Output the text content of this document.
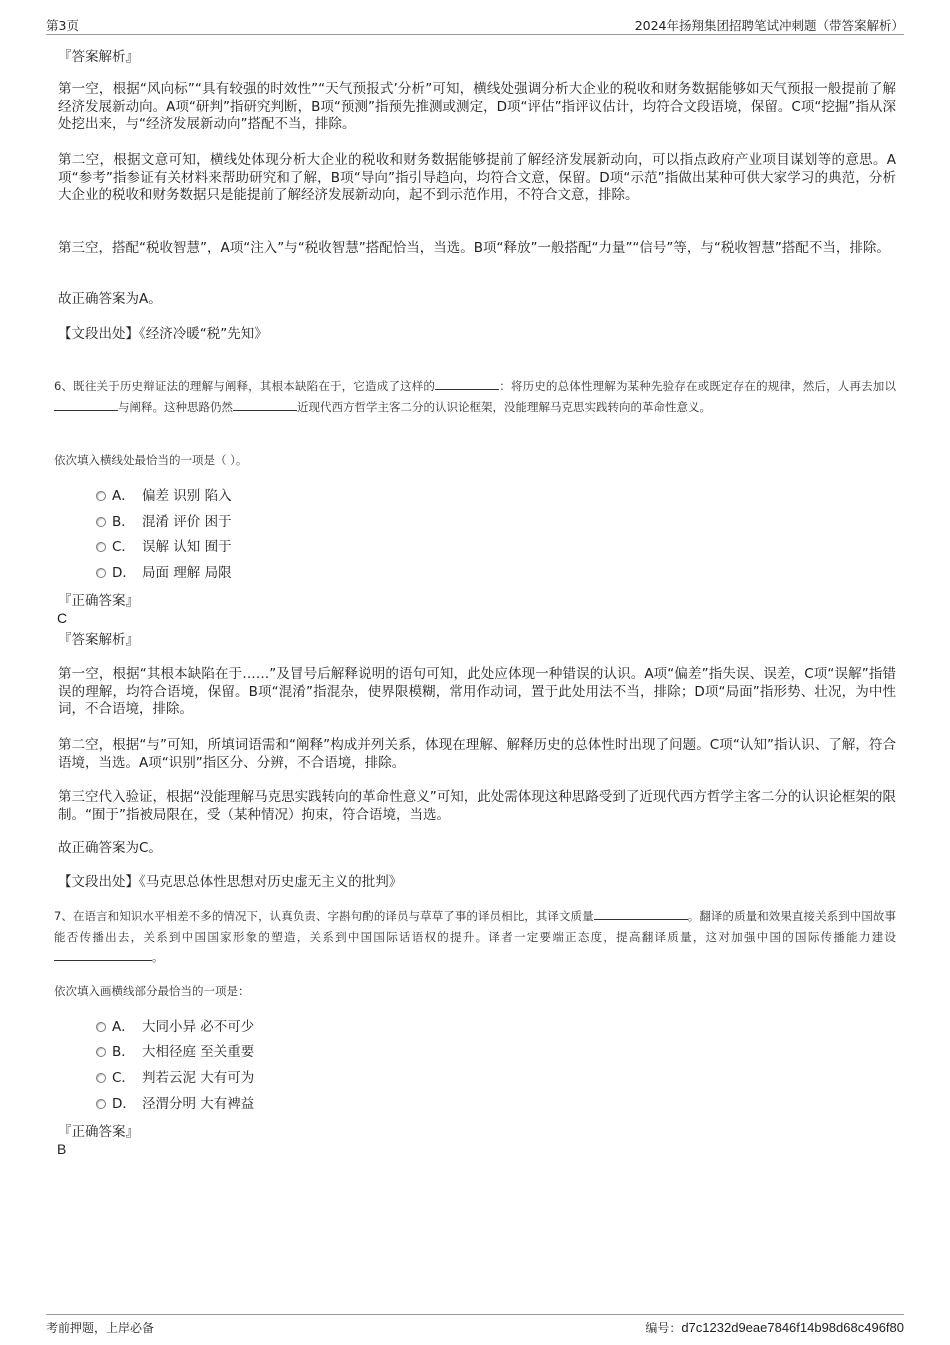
第3页	2024年扬翔集团招聘笔试冲刺题（带答案解析）

『答案解析』

第一空，根据“风向标”“具有较强的时效性”“天气预报式’分析”可知，横线处强调分析大企业的税收和财务数据能够如天气预报一般提前了解经济发展新动向。A项“研判”指研究判断，B项“预测”指预先推测或测定，D项“评估”指评议估计，均符合文段语境，保留。C项“挖掘”指从深处挖出来，与“经济发展新动向”搭配不当，排除。

第二空，根据文意可知，横线处体现分析大企业的税收和财务数据能够提前了解经济发展新动向，可以指点政府产业项目谋划等的意思。A项“参考”指参证有关材料来帮助研究和了解，B项“导向”指引导趋向，均符合文意，保留。D项“示范”指做出某种可供大家学习的典范，分析大企业的税收和财务数据只是能提前了解经济发展新动向，起不到示范作用，不符合文意，排除。

第三空，搭配“税收智慧”，A项“注入”与“税收智慧”搭配恰当，当选。B项“释放”一般搭配“力量”“信号”等，与“税收智慧”搭配不当，排除。

故正确答案为A。

【文段出处】《经济冷暖“税”先知》

6、既往关于历史辩证法的理解与阐释，其根本缺陷在于，它造成了这样的	：将历史的总体性理解为某种先验存在或既定存在的规律，然后，人再去加以与阐释。这种思路仍然	近现代西方哲学主客二分的认识论框架，没能理解马克思实践转向的革命性意义。

依次填入横线处最恰当的一项是（ ）。

A． 偏差 识别 陷入
B． 混淆 评价 困于
C． 误解 认知 囿于
D． 局面 理解 局限

『正确答案』

C

『答案解析』

第一空，根据“其根本缺陷在于……”及冒号后解释说明的语句可知，此处应体现一种错误的认识。A项“偏差”指失误、误差，C项“误解”指错误的理解，均符合语境，保留。B项“混淆”指混杂，使界限模糊，常用作动词，置于此处用法不当，排除；D项“局面”指形势、壮况，为中性词，不合语境，排除。

第二空，根据“与”可知，所填词语需和“阐释”构成并列关系，体现在理解、解释历史的总体性时出现了问题。C项“认知”指认识、了解，符合语境，当选。A项“识别”指区分、分辨，不合语境，排除。

第三空代入验证，根据“没能理解马克思实践转向的革命性意义”可知，此处需体现这种思路受到了近现代西方哲学主客二分的认识论框架的限制。“囿于”指被局限在，受（某种情况）拘束，符合语境，当选。

故正确答案为C。

【文段出处】《马克思总体性思想对历史虚无主义的批判》

7、在语言和知识水平相差不多的情况下，认真负责、字斟句酌的译员与草草了事的译员相比，其译文质量	。翻译的质量和效果直接关系到中国故事能否传播出去，关系到中国国家形象的塑造，关系到中国国际话语权的提升。译者一定要端正态度，提高翻译质量，这对加强中国的国际传播能力建设。

依次填入画横线部分最恰当的一项是：

A． 大同小异 必不可少
B． 大相径庭 至关重要
C． 判若云泥 大有可为
D． 泾渭分明 大有裨益

『正确答案』

B
考前押题，上岸必备	编号：d7c1232d9eae7846f14b98d68c496f80
